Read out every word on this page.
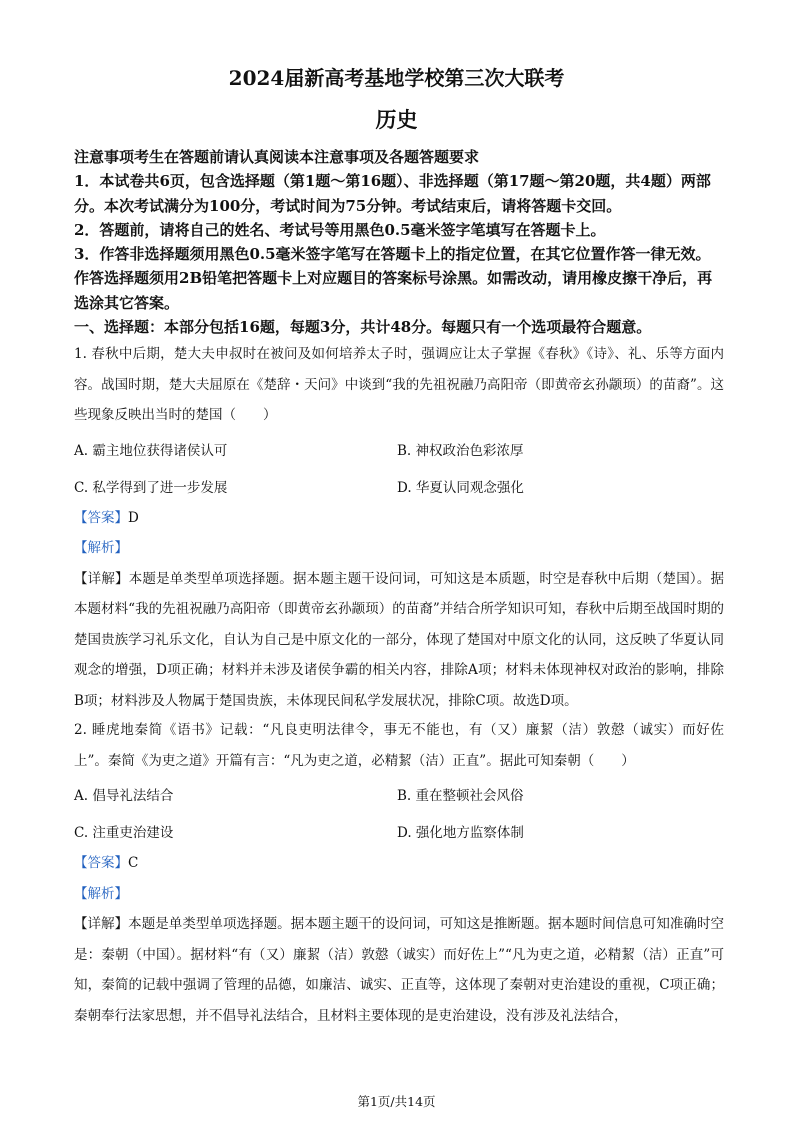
2024届新高考基地学校第三次大联考
历史

注意事项考生在答题前请认真阅读本注意事项及各题答题要求

1．本试卷共6页，包含选择题（第1题～第16题）、非选择题（第17题～第20题，共4题）两部分。本次考试满分为100分，考试时间为75分钟。考试结束后，请将答题卡交回。

2．答题前，请将自己的姓名、考试号等用黑色0.5毫米签字笔填写在答题卡上。

3．作答非选择题须用黑色0.5毫米签字笔写在答题卡上的指定位置，在其它位置作答一律无效。作答选择题须用2B铅笔把答题卡上对应题目的答案标号涂黑。如需改动，请用橡皮擦干净后，再选涂其它答案。

一、选择题：本部分包括16题，每题3分，共计48分。每题只有一个选项最符合题意。

1. 春秋中后期，楚大夫申叔时在被问及如何培养太子时，强调应让太子掌握《春秋》《诗》、礼、乐等方面内容。战国时期，楚大夫屈原在《楚辞・天问》中谈到“我的先祖祝融乃高阳帝（即黄帝玄孙颛顼）的苗裔”。这些现象反映出当时的楚国（　　）

A. 霸主地位获得诸侯认可	B. 神权政治色彩浓厚
C. 私学得到了进一步发展	D. 华夏认同观念强化

【答案】D

【解析】

【详解】本题是单类型单项选择题。据本题主题干设问词，可知这是本质题，时空是春秋中后期（楚国）。据本题材料“我的先祖祝融乃高阳帝（即黄帝玄孙颛顼）的苗裔”并结合所学知识可知，春秋中后期至战国时期的楚国贵族学习礼乐文化，自认为自己是中原文化的一部分，体现了楚国对中原文化的认同，这反映了华夏认同观念的增强，D项正确；材料并未涉及诸侯争霸的相关内容，排除A项；材料未体现神权对政治的影响，排除B项；材料涉及人物属于楚国贵族，未体现民间私学发展状况，排除C项。故选D项。

2. 睡虎地秦简《语书》记载：“凡良吏明法律令，事无不能也，有（又）廉絜（洁）敦慤（诚实）而好佐上”。秦简《为吏之道》开篇有言：“凡为吏之道，必精絜（洁）正直”。据此可知秦朝（　　）

A. 倡导礼法结合	B. 重在整顿社会风俗
C. 注重吏治建设	D. 强化地方监察体制

【答案】C

【解析】

【详解】本题是单类型单项选择题。据本题主题干的设问词，可知这是推断题。据本题时间信息可知准确时空是：秦朝（中国）。据材料“有（又）廉絜（洁）敦慤（诚实）而好佐上”“凡为吏之道，必精絜（洁）正直”可知，秦简的记载中强调了管理的品德，如廉洁、诚实、正直等，这体现了秦朝对吏治建设的重视，C项正确；秦朝奉行法家思想，并不倡导礼法结合，且材料主要体现的是吏治建设，没有涉及礼法结合，

第1页/共14页
